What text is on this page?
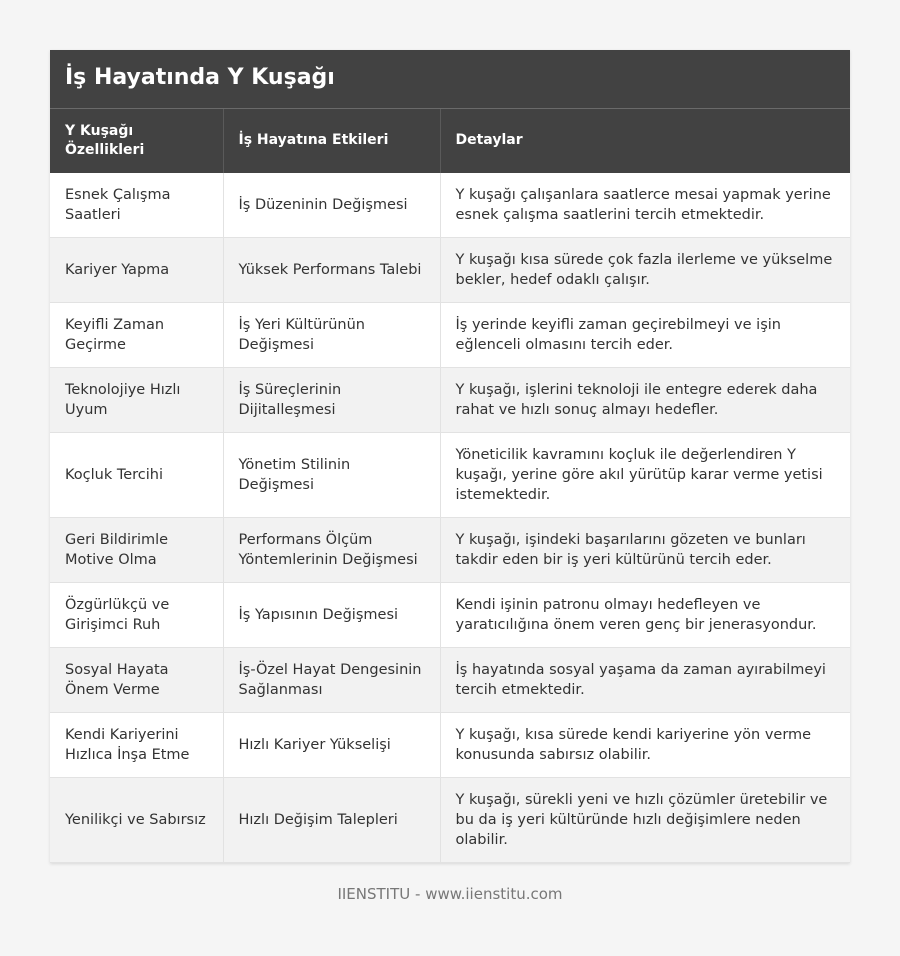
İş Hayatında Y Kuşağı
Y Kuşağı Özellikleri	İş Hayatına Etkileri	Detaylar
Esnek Çalışma Saatleri	İş Düzeninin Değişmesi	Y kuşağı çalışanlara saatlerce mesai yapmak yerine esnek çalışma saatlerini tercih etmektedir.
Kariyer Yapma	Yüksek Performans Talebi	Y kuşağı kısa sürede çok fazla ilerleme ve yükselme bekler, hedef odaklı çalışır.
Keyifli Zaman Geçirme	İş Yeri Kültürünün Değişmesi	İş yerinde keyifli zaman geçirebilmeyi ve işin eğlenceli olmasını tercih eder.
Teknolojiye Hızlı Uyum	İş Süreçlerinin Dijitalleşmesi	Y kuşağı, işlerini teknoloji ile entegre ederek daha rahat ve hızlı sonuç almayı hedefler.
Koçluk Tercihi	Yönetim Stilinin Değişmesi	Yöneticilik kavramını koçluk ile değerlendiren Y kuşağı, yerine göre akıl yürütüp karar verme yetisi istemektedir.
Geri Bildirimle Motive Olma	Performans Ölçüm Yöntemlerinin Değişmesi	Y kuşağı, işindeki başarılarını gözeten ve bunları takdir eden bir iş yeri kültürünü tercih eder.
Özgürlükçü ve Girişimci Ruh	İş Yapısının Değişmesi	Kendi işinin patronu olmayı hedefleyen ve yaratıcılığına önem veren genç bir jenerasyondur.
Sosyal Hayata Önem Verme	İş-Özel Hayat Dengesinin Sağlanması	İş hayatında sosyal yaşama da zaman ayırabilmeyi tercih etmektedir.
Kendi Kariyerini Hızlıca İnşa Etme	Hızlı Kariyer Yükselişi	Y kuşağı, kısa sürede kendi kariyerine yön verme konusunda sabırsız olabilir.
Yenilikçi ve Sabırsız	Hızlı Değişim Talepleri	Y kuşağı, sürekli yeni ve hızlı çözümler üretebilir ve bu da iş yeri kültüründe hızlı değişimlere neden olabilir.
IIENSTITU - www.iienstitu.com
